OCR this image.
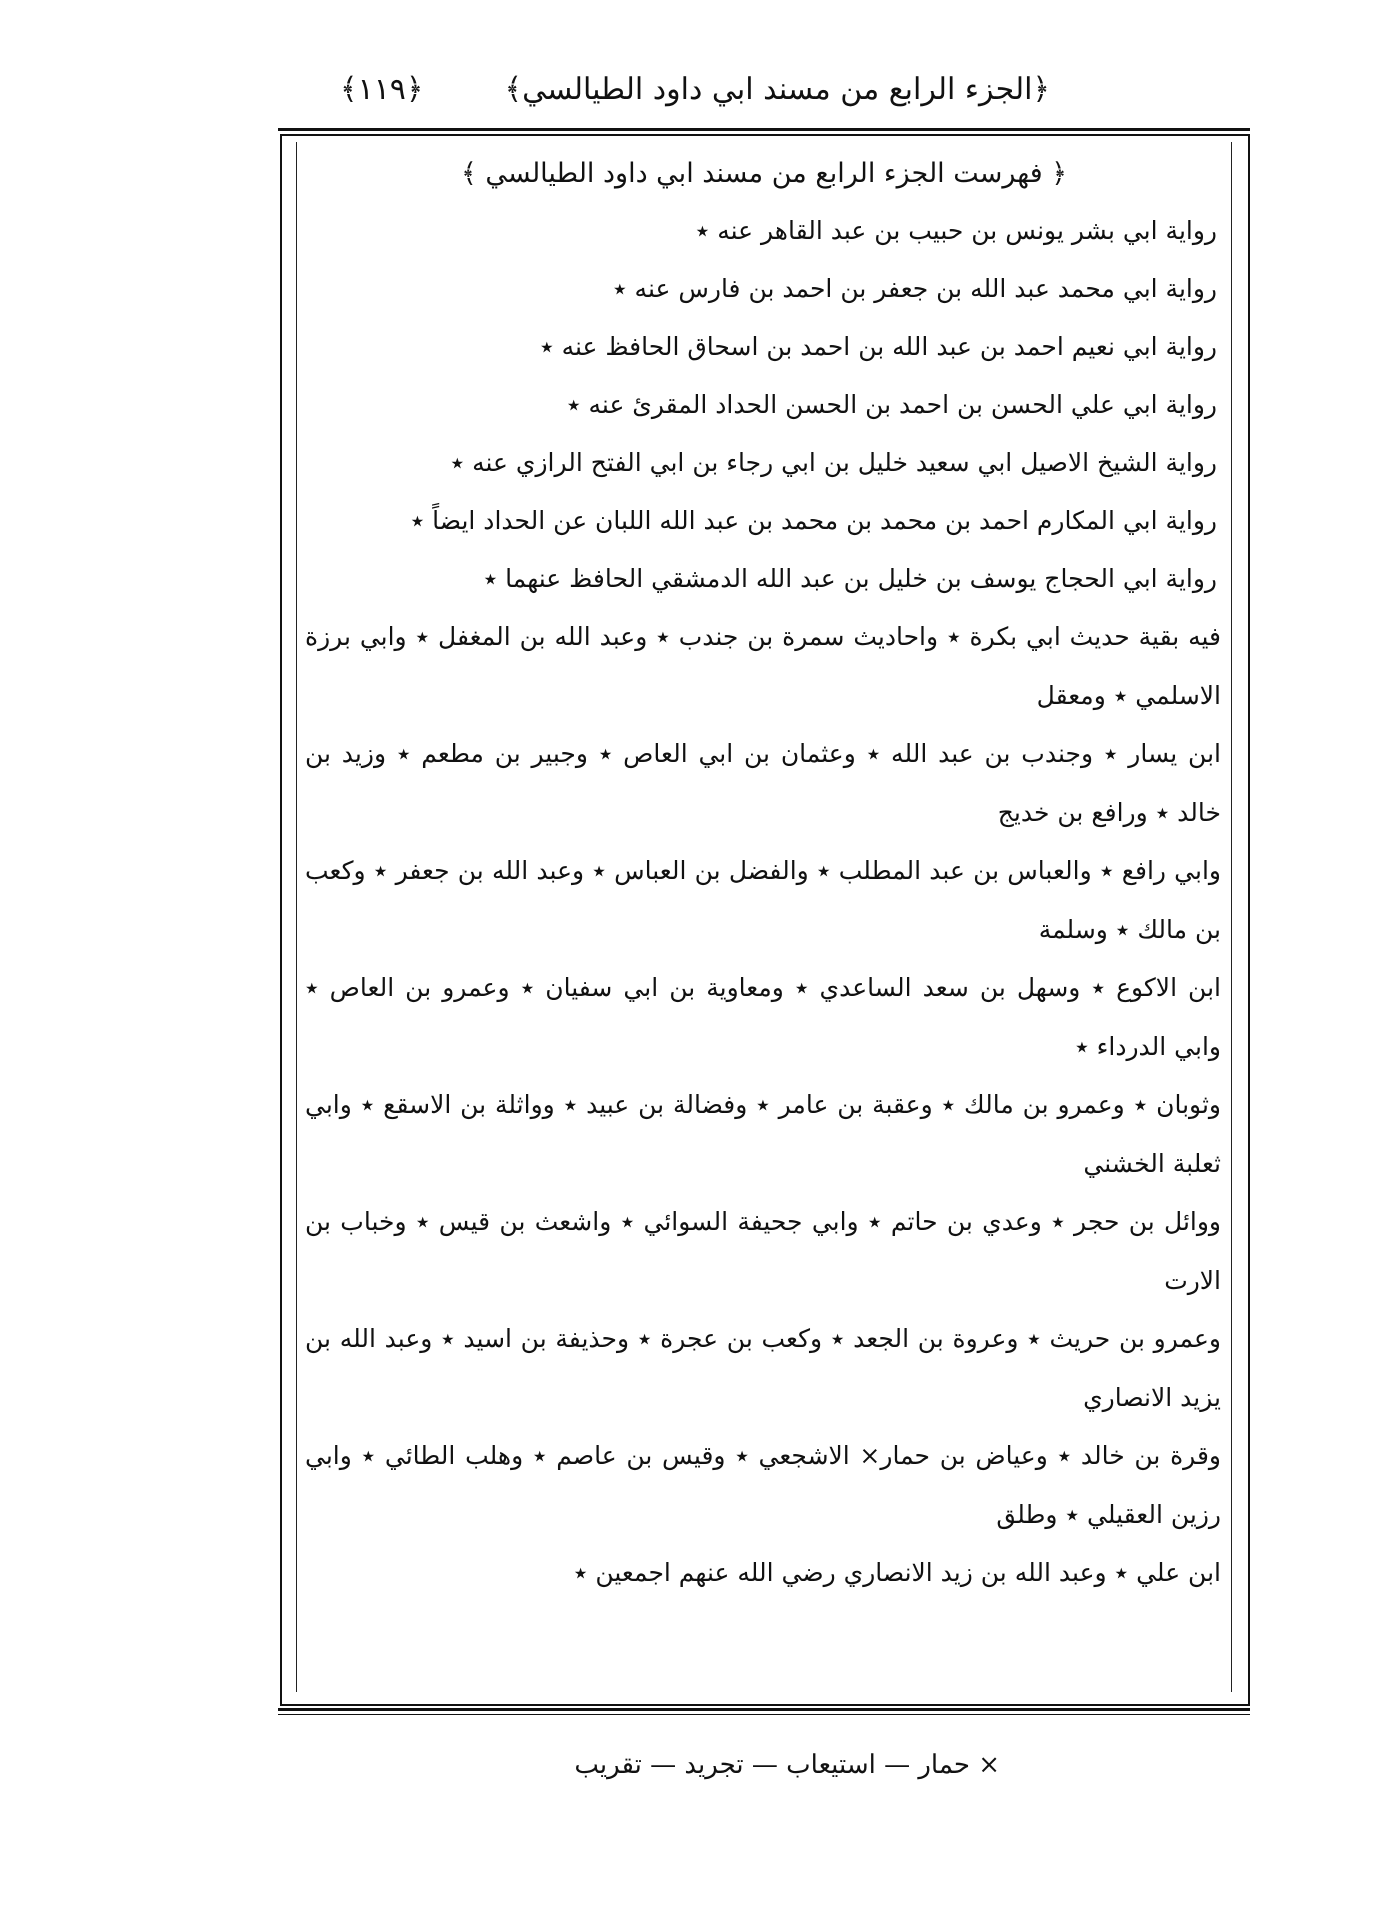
﴿الجزء الرابع من مسند ابي داود الطيالسي﴾
﴿١١٩﴾

﴿ فهرست الجزء الرابع من مسند ابي داود الطيالسي ﴾

رواية ابي بشر يونس بن حبيب بن عبد القاهر عنه ٭

رواية ابي محمد عبد الله بن جعفر بن احمد بن فارس عنه ٭

رواية ابي نعيم احمد بن عبد الله بن احمد بن اسحاق الحافظ عنه ٭

رواية ابي علي الحسن بن احمد بن الحسن الحداد المقرئ عنه ٭

رواية الشيخ الاصيل ابي سعيد خليل بن ابي رجاء بن ابي الفتح الرازي عنه ٭

رواية ابي المكارم احمد بن محمد بن محمد بن عبد الله اللبان عن الحداد ايضاً ٭

رواية ابي الحجاج يوسف بن خليل بن عبد الله الدمشقي الحافظ عنهما ٭

فيه بقية حديث ابي بكرة ٭ واحاديث سمرة بن جندب ٭ وعبد الله بن المغفل ٭ وابي برزة الاسلمي ٭ ومعقل

ابن يسار ٭ وجندب بن عبد الله ٭ وعثمان بن ابي العاص ٭ وجبير بن مطعم ٭ وزيد بن خالد ٭ ورافع بن خديج

وابي رافع ٭ والعباس بن عبد المطلب ٭ والفضل بن العباس ٭ وعبد الله بن جعفر ٭ وكعب بن مالك ٭ وسلمة

ابن الاكوع ٭ وسهل بن سعد الساعدي ٭ ومعاوية بن ابي سفيان ٭ وعمرو بن العاص ٭ وابي الدرداء ٭

وثوبان ٭ وعمرو بن مالك ٭ وعقبة بن عامر ٭ وفضالة بن عبيد ٭ وواثلة بن الاسقع ٭ وابي ثعلبة الخشني

ووائل بن حجر ٭ وعدي بن حاتم ٭ وابي جحيفة السوائي ٭ واشعث بن قيس ٭ وخباب بن الارت

وعمرو بن حريث ٭ وعروة بن الجعد ٭ وكعب بن عجرة ٭ وحذيفة بن اسيد ٭ وعبد الله بن يزيد الانصاري

وقرة بن خالد ٭ وعياض بن حمار× الاشجعي ٭ وقيس بن عاصم ٭ وهلب الطائي ٭ وابي رزين العقيلي ٭ وطلق

ابن علي ٭ وعبد الله بن زيد الانصاري رضي الله عنهم اجمعين ٭

× حمار — استيعاب — تجريد — تقريب
